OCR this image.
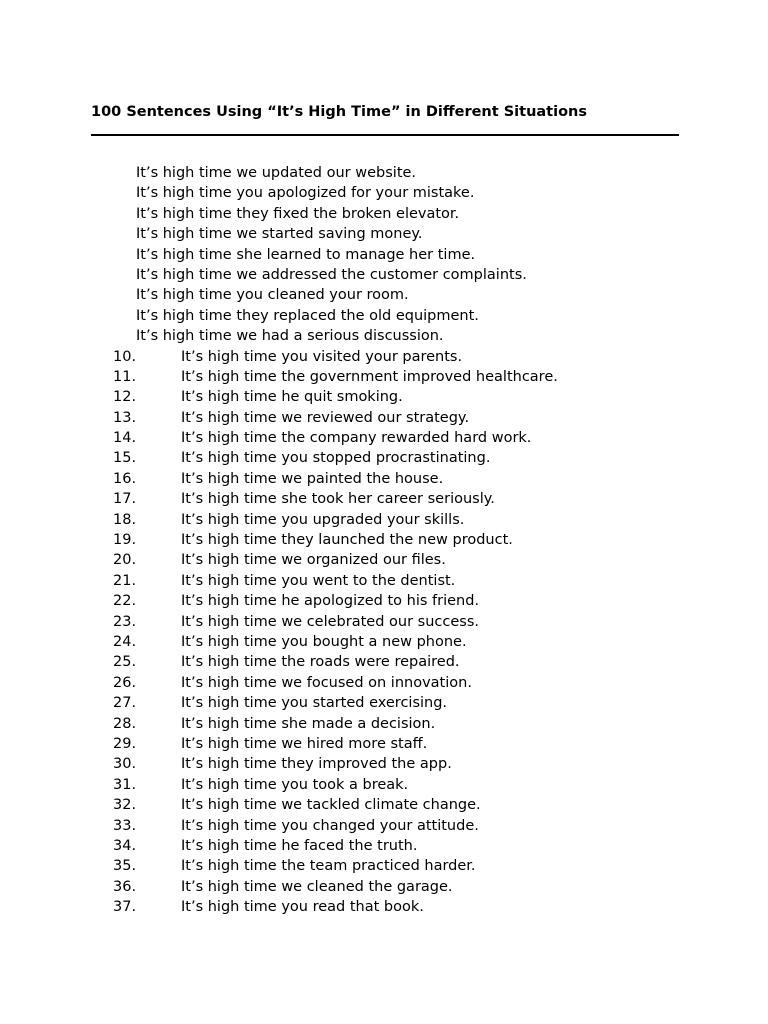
100 Sentences Using “It’s High Time” in Different Situations
It’s high time we updated our website.
It’s high time you apologized for your mistake.
It’s high time they fixed the broken elevator.
It’s high time we started saving money.
It’s high time she learned to manage her time.
It’s high time we addressed the customer complaints.
It’s high time you cleaned your room.
It’s high time they replaced the old equipment.
It’s high time we had a serious discussion.
10.	It’s high time you visited your parents.
11.	It’s high time the government improved healthcare.
12.	It’s high time he quit smoking.
13.	It’s high time we reviewed our strategy.
14.	It’s high time the company rewarded hard work.
15.	It’s high time you stopped procrastinating.
16.	It’s high time we painted the house.
17.	It’s high time she took her career seriously.
18.	It’s high time you upgraded your skills.
19.	It’s high time they launched the new product.
20.	It’s high time we organized our files.
21.	It’s high time you went to the dentist.
22.	It’s high time he apologized to his friend.
23.	It’s high time we celebrated our success.
24.	It’s high time you bought a new phone.
25.	It’s high time the roads were repaired.
26.	It’s high time we focused on innovation.
27.	It’s high time you started exercising.
28.	It’s high time she made a decision.
29.	It’s high time we hired more staff.
30.	It’s high time they improved the app.
31.	It’s high time you took a break.
32.	It’s high time we tackled climate change.
33.	It’s high time you changed your attitude.
34.	It’s high time he faced the truth.
35.	It’s high time the team practiced harder.
36.	It’s high time we cleaned the garage.
37.	It’s high time you read that book.
